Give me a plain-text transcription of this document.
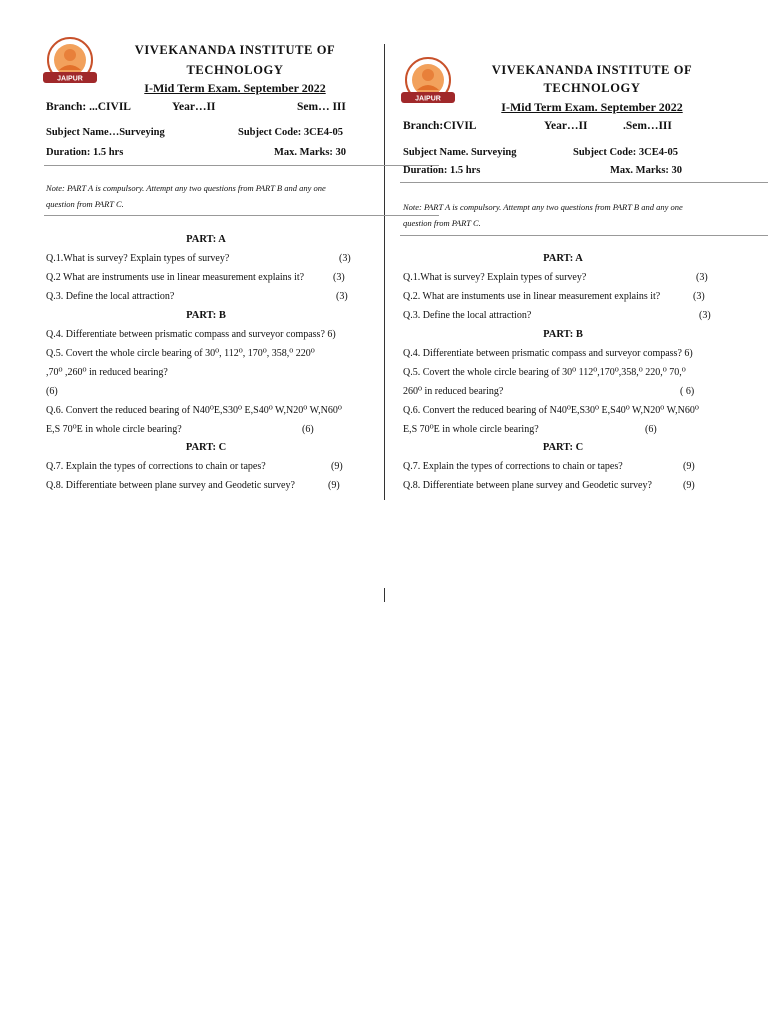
JAIPUR
VIVEKANANDA INSTITUTE OF
TECHNOLOGY
I-Mid Term Exam. September 2022
Branch: ...CIVIL	Year…II	Sem… III
Subject Name…Surveying	Subject Code: 3CE4-05
Duration: 1.5 hrs	Max. Marks: 30
Note: PART A is compulsory. Attempt any two questions from PART B and any one
question from PART C.
PART: A
Q.1.What is survey? Explain types of survey?	(3)
Q.2 What are instruments use in linear measurement explains it?	(3)
Q.3. Define the local attraction?	(3)
PART: B
Q.4. Differentiate between prismatic compass and surveyor compass? 6)
Q.5. Covert the whole circle bearing of 30⁰, 112⁰, 170⁰, 358,⁰ 220⁰
,70⁰ ,260⁰ in reduced bearing?
(6)
Q.6. Convert the reduced bearing of N40⁰E,S30⁰ E,S40⁰ W,N20⁰ W,N60⁰
E,S 70⁰E in whole circle bearing?	(6)
PART: C
Q.7. Explain the types of corrections to chain or tapes?	(9)
Q.8. Differentiate between plane survey and Geodetic survey?	(9)
JAIPUR
VIVEKANANDA INSTITUTE OF
TECHNOLOGY
I-Mid Term Exam. September 2022
Branch:CIVIL	Year…II	.Sem…III
Subject Name. Surveying	Subject Code: 3CE4-05
Duration: 1.5 hrs	Max. Marks: 30
Note: PART A is compulsory. Attempt any two questions from PART B and any one
question from PART C.
PART: A
Q.1.What is survey? Explain types of survey?	(3)
Q.2. What are instuments use in linear measurement explains it?	(3)
Q.3. Define the local attraction?	(3)
PART: B
Q.4. Differentiate between prismatic compass and surveyor compass? 6)
Q.5. Covert the whole circle bearing of 30⁰ 112⁰,170⁰,358,⁰ 220,⁰ 70,⁰
260⁰ in reduced bearing?	( 6)
Q.6. Convert the reduced bearing of N40⁰E,S30⁰ E,S40⁰ W,N20⁰ W,N60⁰
E,S 70⁰E in whole circle bearing?	(6)
PART: C
Q.7. Explain the types of corrections to chain or tapes?	(9)
Q.8. Differentiate between plane survey and Geodetic survey?	(9)
